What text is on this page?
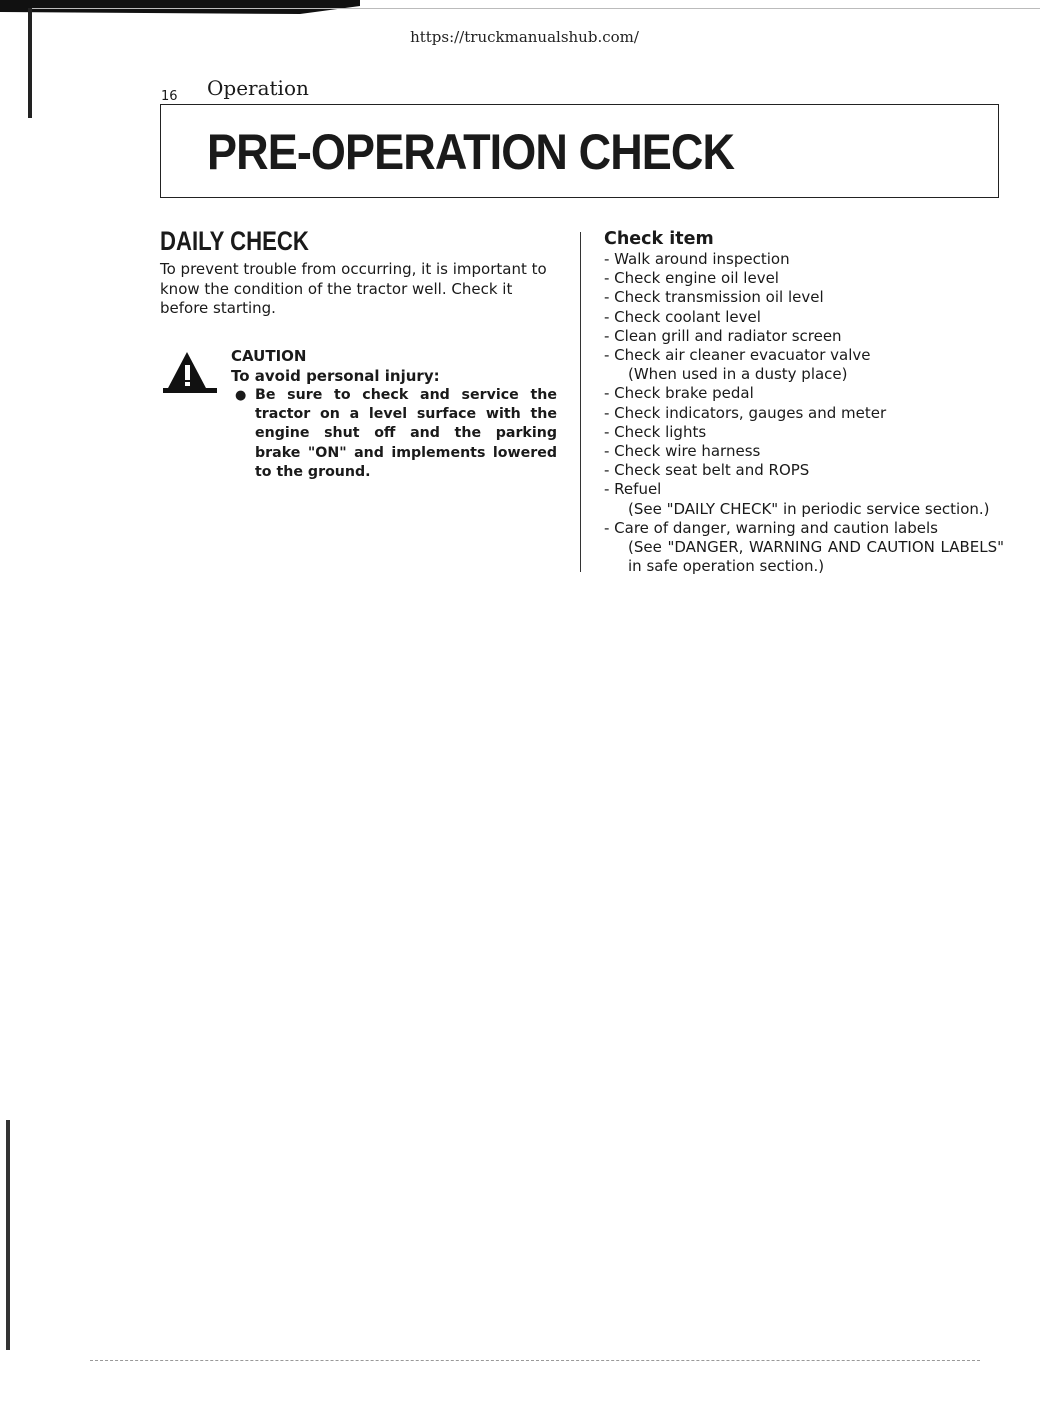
https://truckmanualshub.com/
16 Operation
PRE-OPERATION CHECK
DAILY CHECK
To prevent trouble from occurring, it is important to know the condition of the tractor well. Check it before starting.
CAUTION
To avoid personal injury:
● Be sure to check and service the tractor on a level surface with the engine shut off and the parking brake "ON" and implements lowered to the ground.
Check item
- Walk around inspection
- Check engine oil level
- Check transmission oil level
- Check coolant level
- Clean grill and radiator screen
- Check air cleaner evacuator valve
(When used in a dusty place)
- Check brake pedal
- Check indicators, gauges and meter
- Check lights
- Check wire harness
- Check seat belt and ROPS
- Refuel
(See "DAILY CHECK" in periodic service section.)
- Care of danger, warning and caution labels
(See "DANGER, WARNING AND CAUTION LABELS" in safe operation section.)
